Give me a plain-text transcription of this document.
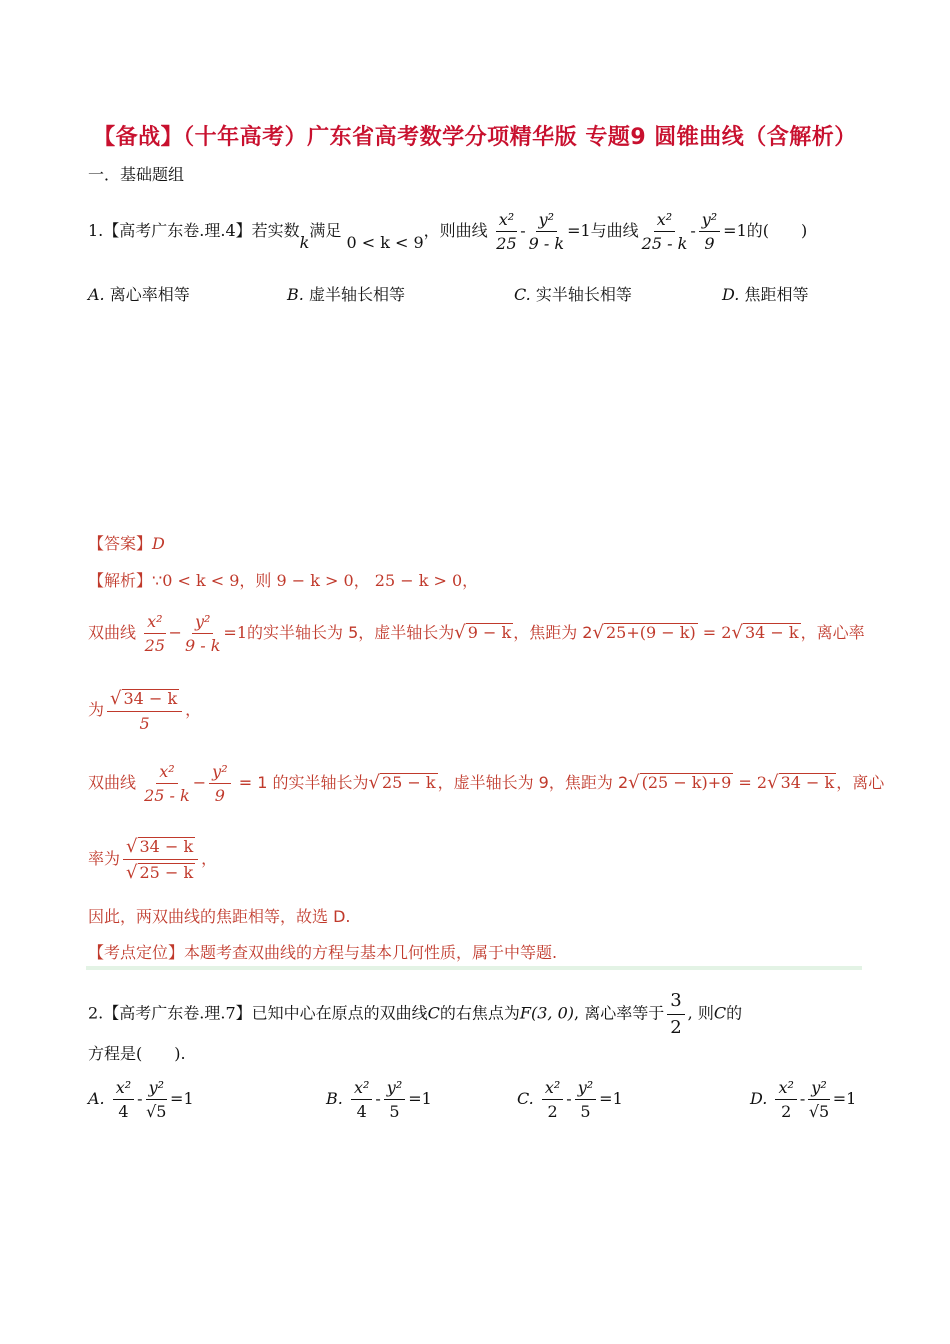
【备战】（十年高考）广东省高考数学分项精华版 专题9 圆锥曲线（含解析）
一．基础题组
1.【高考广东卷.理.4】若实数k满足 0 < k < 9，则曲线 $\frac{\text{x²}}{25} - \frac{\text{y²}}{9 - k} =1$与曲线 $\frac{\text{x²}}{25 - k} - \frac{\text{y²}}{9} =1$的(　　)
A. 离心率相等	B. 虚半轴长相等	C. 实半轴长相等	D. 焦距相等
【答案】D
【解析】∵0 < k < 9，则 9 − k > 0， 25 − k > 0，
双曲线 $\frac{\text{x²}}{25} - \frac{\text{y²}}{9 - k} =1$的实半轴长为 5，虚半轴长为√ 9 − k ，焦距为 2√ 25+(9 − k) = 2√ 34 − k ，离心率
为 $\frac{√ 34 - k}{5}$ ，
双曲线 $\frac{\text{x²}}{25 - k} - \frac{\text{y²}}{9} = 1$ 的实半轴长为√ 25 − k ，虚半轴长为 9，焦距为 2√ (25 − k)+9 = 2√ 34 − k ，离心
率为 $\frac{√ 34 - k}{√ 25 - k}$ ，
因此，两双曲线的焦距相等，故选 D.
【考点定位】本题考查双曲线的方程与基本几何性质，属于中等题.
2.【高考广东卷.理.7】已知中心在原点的双曲线C的右焦点为F(3, 0), 离心率等于 $\frac{3}{2}$ , 则C的
方程是(　　).
A. $\frac{\text{x²}}{4} - \frac{\text{y²}}{√5} =1$	B. $\frac{\text{x²}}{4} - \frac{\text{y²}}{5} =1$	C. $\frac{\text{x²}}{2} - \frac{\text{y²}}{5} =1$	D. $\frac{\text{x²}}{2} - \frac{\text{y²}}{√5} =1$
